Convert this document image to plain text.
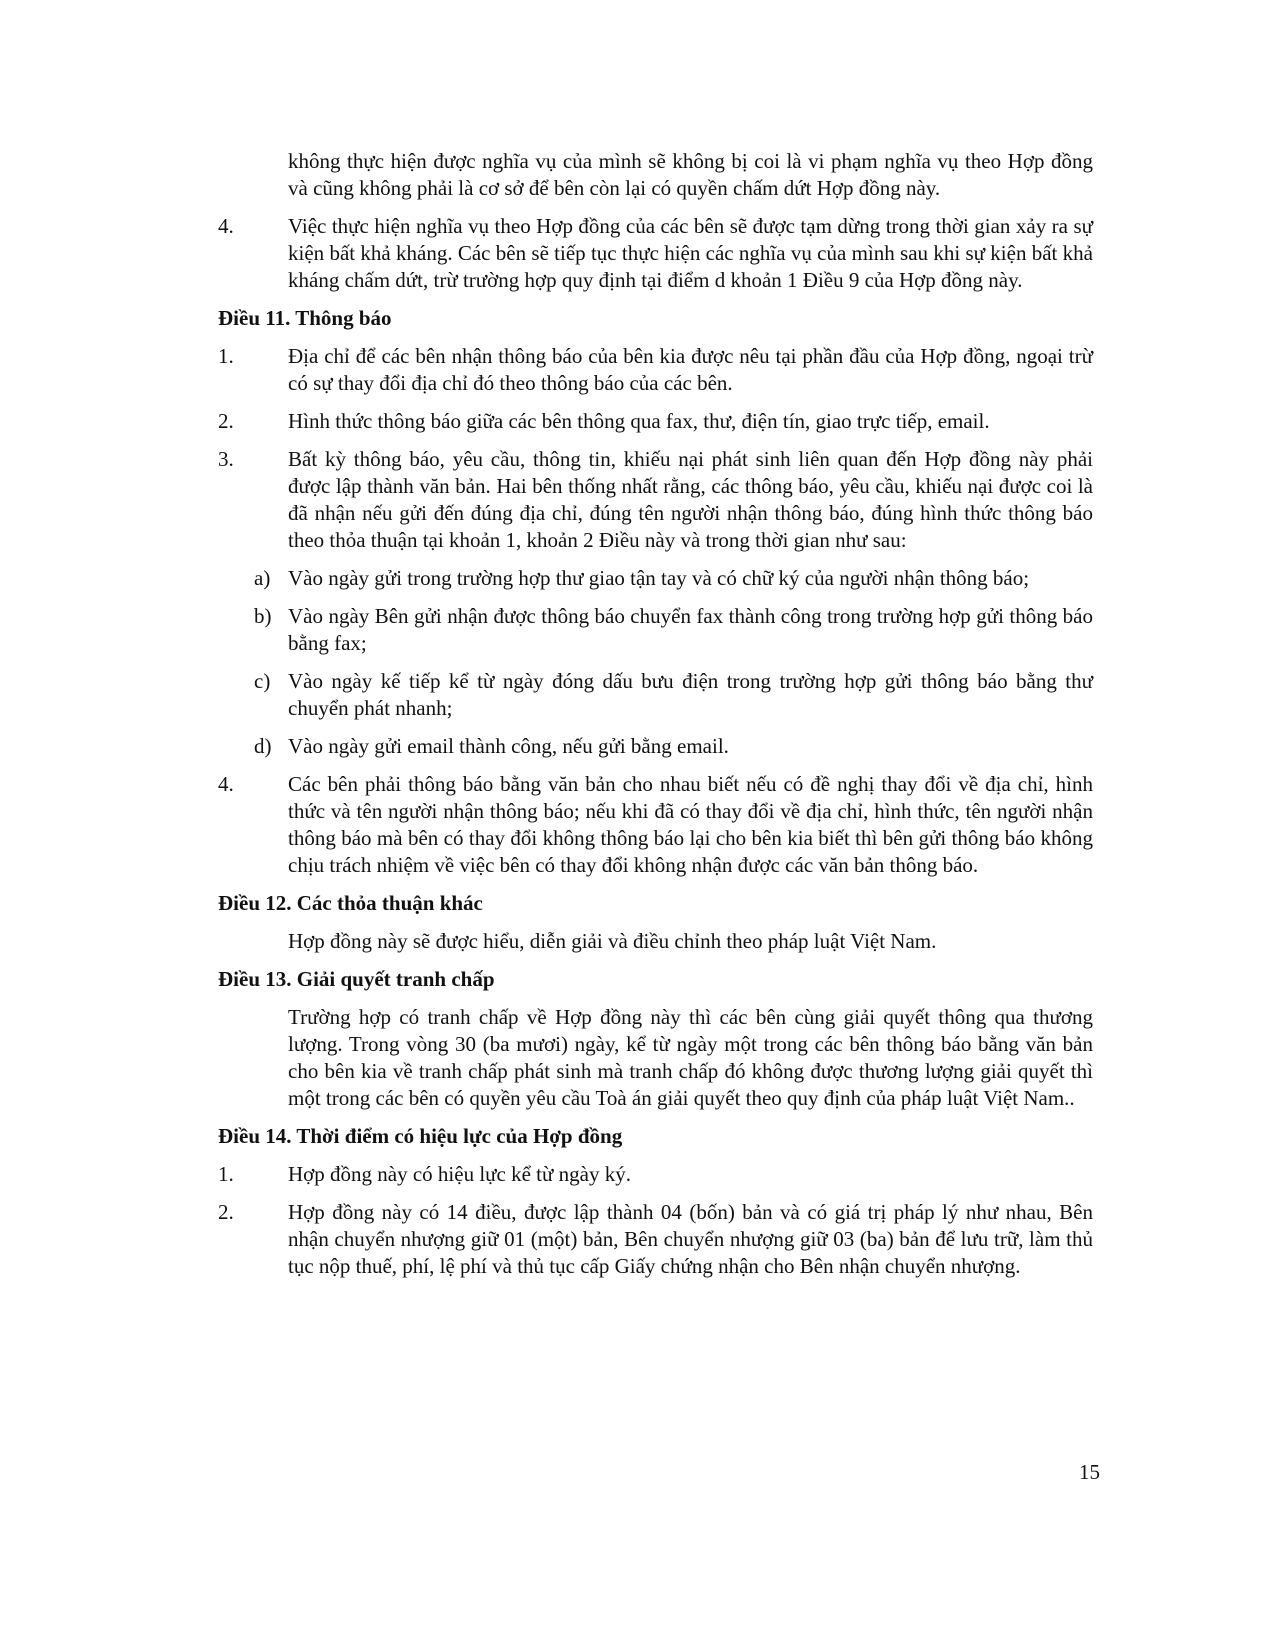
không thực hiện được nghĩa vụ của mình sẽ không bị coi là vi phạm nghĩa vụ theo Hợp đồng và cũng không phải là cơ sở để bên còn lại có quyền chấm dứt Hợp đồng này.

4.	Việc thực hiện nghĩa vụ theo Hợp đồng của các bên sẽ được tạm dừng trong thời gian xảy ra sự kiện bất khả kháng. Các bên sẽ tiếp tục thực hiện các nghĩa vụ của mình sau khi sự kiện bất khả kháng chấm dứt, trừ trường hợp quy định tại điểm d khoản 1 Điều 9 của Hợp đồng này.
Điều 11. Thông báo
1.	Địa chỉ để các bên nhận thông báo của bên kia được nêu tại phần đầu của Hợp đồng, ngoại trừ có sự thay đổi địa chỉ đó theo thông báo của các bên.
2.	Hình thức thông báo giữa các bên thông qua fax, thư, điện tín, giao trực tiếp, email.
3.	Bất kỳ thông báo, yêu cầu, thông tin, khiếu nại phát sinh liên quan đến Hợp đồng này phải được lập thành văn bản. Hai bên thống nhất rằng, các thông báo, yêu cầu, khiếu nại được coi là đã nhận nếu gửi đến đúng địa chỉ, đúng tên người nhận thông báo, đúng hình thức thông báo theo thỏa thuận tại khoản 1, khoản 2 Điều này và trong thời gian như sau:
a) Vào ngày gửi trong trường hợp thư giao tận tay và có chữ ký của người nhận thông báo;
b) Vào ngày Bên gửi nhận được thông báo chuyển fax thành công trong trường hợp gửi thông báo bằng fax;
c) Vào ngày kế tiếp kể từ ngày đóng dấu bưu điện trong trường hợp gửi thông báo bằng thư chuyển phát nhanh;
d) Vào ngày gửi email thành công, nếu gửi bằng email.
4.	Các bên phải thông báo bằng văn bản cho nhau biết nếu có đề nghị thay đổi về địa chỉ, hình thức và tên người nhận thông báo; nếu khi đã có thay đổi về địa chỉ, hình thức, tên người nhận thông báo mà bên có thay đổi không thông báo lại cho bên kia biết thì bên gửi thông báo không chịu trách nhiệm về việc bên có thay đổi không nhận được các văn bản thông báo.
Điều 12. Các thỏa thuận khác

Hợp đồng này sẽ được hiểu, diễn giải và điều chỉnh theo pháp luật Việt Nam.

Điều 13. Giải quyết tranh chấp

Trường hợp có tranh chấp về Hợp đồng này thì các bên cùng giải quyết thông qua thương lượng. Trong vòng 30 (ba mươi) ngày, kể từ ngày một trong các bên thông báo bằng văn bản cho bên kia về tranh chấp phát sinh mà tranh chấp đó không được thương lượng giải quyết thì một trong các bên có quyền yêu cầu Toà án giải quyết theo quy định của pháp luật Việt Nam..

Điều 14. Thời điểm có hiệu lực của Hợp đồng
1.	Hợp đồng này có hiệu lực kể từ ngày ký.
2.	Hợp đồng này có 14 điều, được lập thành 04 (bốn) bản và có giá trị pháp lý như nhau, Bên nhận chuyển nhượng giữ 01 (một) bản, Bên chuyển nhượng giữ 03 (ba) bản để lưu trữ, làm thủ tục nộp thuế, phí, lệ phí và thủ tục cấp Giấy chứng nhận cho Bên nhận chuyển nhượng.
15
